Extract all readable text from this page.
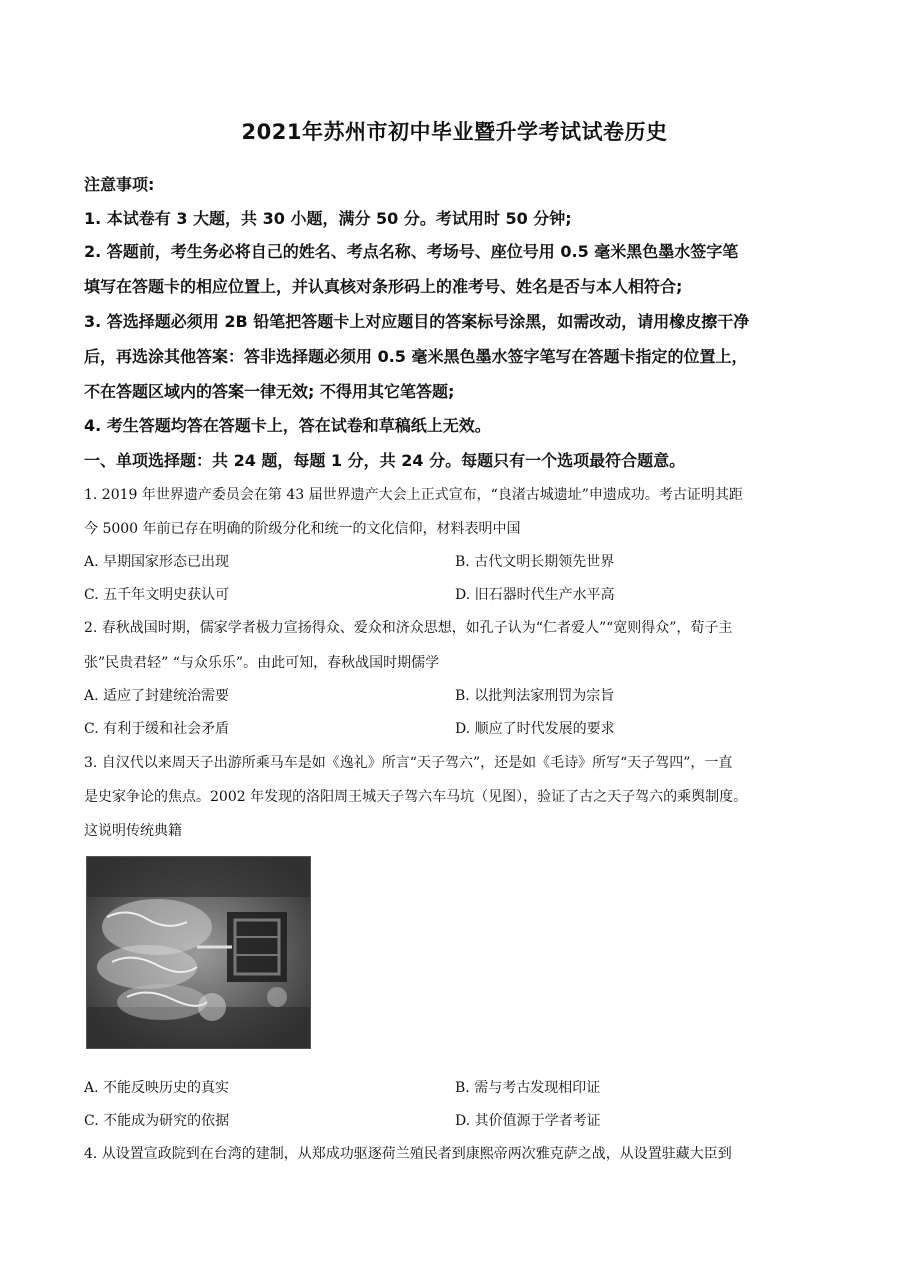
2021年苏州市初中毕业暨升学考试试卷历史
注意事项:
1. 本试卷有 3 大题，共 30 小题，满分 50 分。考试用时 50 分钟;
2. 答题前，考生务必将自己的姓名、考点名称、考场号、座位号用 0.5 毫米黑色墨水签字笔
填写在答题卡的相应位置上，并认真核对条形码上的准考号、姓名是否与本人相符合;
3. 答选择题必须用 2B 铅笔把答题卡上对应题目的答案标号涂黑，如需改动，请用橡皮擦干净
后，再选涂其他答案：答非选择题必须用 0.5 毫米黑色墨水签字笔写在答题卡指定的位置上，
不在答题区域内的答案一律无效; 不得用其它笔答题;
4. 考生答题均答在答题卡上，答在试卷和草稿纸上无效。
一、单项选择题：共 24 题，每题 1 分，共 24 分。每题只有一个选项最符合题意。
1. 2019 年世界遗产委员会在第 43 届世界遗产大会上正式宣布，“良渚古城遗址”申遗成功。考古证明其距
今 5000 年前已存在明确的阶级分化和统一的文化信仰，材料表明中国
A. 早期国家形态已出现	B. 古代文明长期领先世界
C. 五千年文明史获认可	D. 旧石器时代生产水平高
2. 春秋战国时期，儒家学者极力宣扬得众、爱众和济众思想，如孔子认为“仁者爱人”“宽则得众”，荀子主
张”民贵君轻” “与众乐乐”。由此可知，春秋战国时期儒学
A. 适应了封建统治需要	B. 以批判法家刑罚为宗旨
C. 有利于缓和社会矛盾	D. 顺应了时代发展的要求
3. 自汉代以来周天子出游所乘马车是如《逸礼》所言“天子驾六”，还是如《毛诗》所写“天子驾四”，一直
是史家争论的焦点。2002 年发现的洛阳周王城天子驾六车马坑（见图），验证了古之天子驾六的乘舆制度。
这说明传统典籍
A. 不能反映历史的真实	B. 需与考古发现相印证
C. 不能成为研究的依据	D. 其价值源于学者考证
4. 从设置宣政院到在台湾的建制，从郑成功驱逐荷兰殖民者到康熙帝两次雅克萨之战，从设置驻藏大臣到
